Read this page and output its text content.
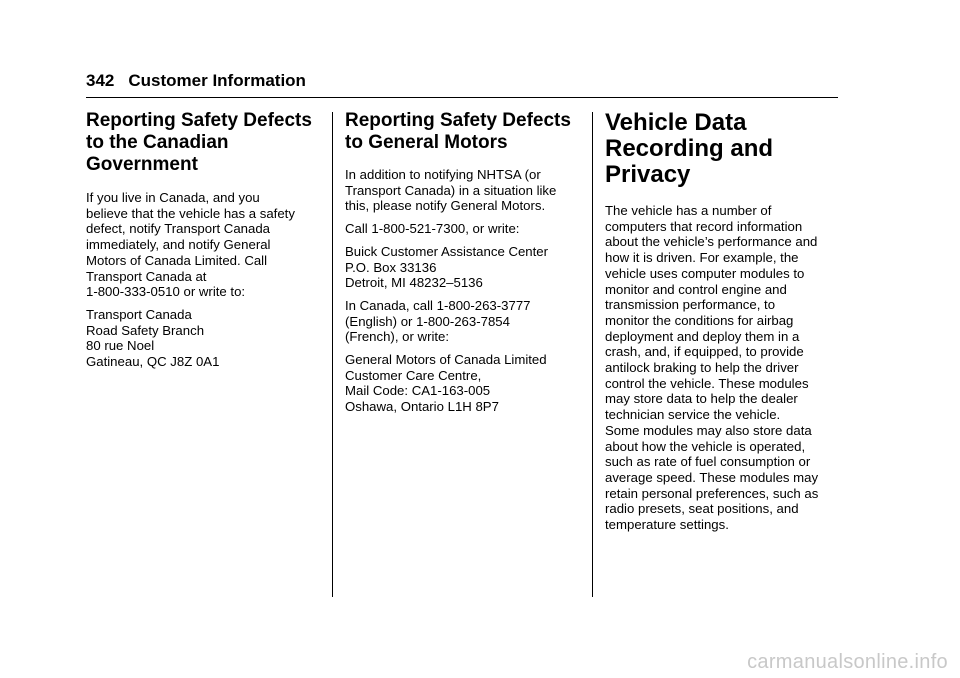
342 Customer Information
Reporting Safety Defects
to the Canadian
Government

If you live in Canada, and you
believe that the vehicle has a safety
defect, notify Transport Canada
immediately, and notify General
Motors of Canada Limited. Call
Transport Canada at
1-800-333-0510 or write to:

Transport Canada
Road Safety Branch
80 rue Noel
Gatineau, QC J8Z 0A1

Reporting Safety Defects
to General Motors

In addition to notifying NHTSA (or
Transport Canada) in a situation like
this, please notify General Motors.

Call 1-800-521-7300, or write:

Buick Customer Assistance Center
P.O. Box 33136
Detroit, MI 48232–5136

In Canada, call 1-800-263-3777
(English) or 1-800-263-7854
(French), or write:

General Motors of Canada Limited
Customer Care Centre,
Mail Code: CA1-163-005
Oshawa, Ontario L1H 8P7

Vehicle Data
Recording and
Privacy

The vehicle has a number of
computers that record information
about the vehicle’s performance and
how it is driven. For example, the
vehicle uses computer modules to
monitor and control engine and
transmission performance, to
monitor the conditions for airbag
deployment and deploy them in a
crash, and, if equipped, to provide
antilock braking to help the driver
control the vehicle. These modules
may store data to help the dealer
technician service the vehicle.
Some modules may also store data
about how the vehicle is operated,
such as rate of fuel consumption or
average speed. These modules may
retain personal preferences, such as
radio presets, seat positions, and
temperature settings.

carmanualsonline.info
